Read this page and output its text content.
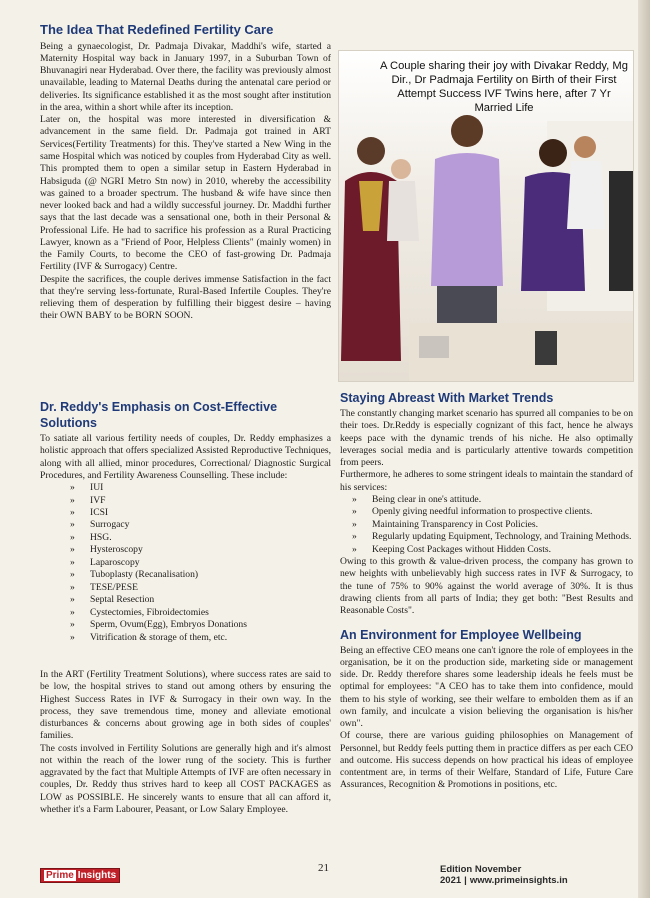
The Idea That Redefined Fertility Care

Being a gynaecologist, Dr. Padmaja Divakar, Maddhi's wife, started a Maternity Hospital way back in January 1997, in a Suburban Town of Bhuvanagiri near Hyderabad. Over there, the facility was previously almost unavailable, leading to Maternal Deaths during the antenatal care period or deliveries. Its significance established it as the most sought after institution in the area, within a short while after its inception.

Later on, the hospital was more interested in diversification & advancement in the same field. Dr. Padmaja got trained in ART Services(Fertility Treatments) for this. They've started a New Wing in the same Hospital which was noticed by couples from Hyderabad City as well. This prompted them to open a similar setup in Eastern Hyderabad in Habsiguda (@ NGRI Metro Stn now) in 2010, whereby the accessibility was gained to a broader spectrum. The husband & wife have since then never looked back and had a wildly successful journey. Dr. Maddhi further says that the last decade was a sensational one, both in their Personal & Professional Life. He had to sacrifice his profession as a Rural Practicing Lawyer, known as a "Friend of Poor, Helpless Clients" (mainly women) in the Family Courts, to become the CEO of fast-growing Dr. Padmaja Fertility (IVF & Surrogacy) Centre.

Despite the sacrifices, the couple derives immense Satisfaction in the fact that they're serving less-fortunate, Rural-Based Infertile Couples. They're relieving them of desperation by fulfilling their biggest desire – having their OWN BABY to be BORN SOON.

Dr. Reddy's Emphasis on Cost-Effective Solutions

To satiate all various fertility needs of couples, Dr. Reddy emphasizes a holistic approach that offers specialized Assisted Reproductive Techniques, along with all allied, minor procedures, Correctional/ Diagnostic Surgical Procedures, and Fertility Awareness Counselling. These include:

» IUI
» IVF
» ICSI
» Surrogacy
» HSG.
» Hysteroscopy
» Laparoscopy
» Tuboplasty (Recanalisation)
» TESE/PESE
» Septal Resection
» Cystectomies, Fibroidectomies
» Sperm, Ovum(Egg), Embryos Donations
» Vitrification & storage of them, etc.

In the ART (Fertility Treatment Solutions), where success rates are said to be low, the hospital strives to stand out among others by ensuring the Highest Success Rates in IVF & Surrogacy in their own way. In the process, they save tremendous time, money and alleviate emotional disturbances & concerns about growing age in both sides of couples' families.

The costs involved in Fertility Solutions are generally high and it's almost not within the reach of the lower rung of the society. This is further aggravated by the fact that Multiple Attempts of IVF are often necessary in couples, Dr. Reddy thus strives hard to keep all COST PACKAGES as LOW as POSSIBLE. He sincerely wants to ensure that all can afford it, whether it's a Farm Labourer, Peasant, or Low Salary Employee.

A Couple sharing their joy with Divakar Reddy, Mg Dir., Dr Padmaja Fertility on Birth of their First Attempt Success IVF Twins here, after 7 Yr Married Life
Staying Abreast With Market Trends

The constantly changing market scenario has spurred all companies to be on their toes. Dr.Reddy is especially cognizant of this fact, hence he always keeps pace with the dynamic trends of his niche. He also optimally leverages social media and is particularly attentive towards competition from peers.

Furthermore, he adheres to some stringent ideals to maintain the standard of his services:

» Being clear in one's attitude.
» Openly giving needful information to prospective clients.
» Maintaining Transparency in Cost Policies.
» Regularly updating Equipment, Technology, and Training Methods.
» Keeping Cost Packages without Hidden Costs.

Owing to this growth & value-driven process, the company has grown to new heights with unbelievably high success rates in IVF & Surrogacy, to the tune of 75% to 90% against the world average of 30%. It is thus drawing clients from all parts of India; they get both: "Best Results and Reasonable Costs".

An Environment for Employee Wellbeing

Being an effective CEO means one can't ignore the role of employees in the organisation, be it on the production side, marketing side or management side. Dr. Reddy therefore shares some leadership ideals he feels must be optimal for employees: "A CEO has to take them into confidence, mould them to his style of working, see their welfare to embolden them as if an own family, and inculcate a vision believing the organisation is his/her own".

Of course, there are various guiding philosophies on Management of Personnel, but Reddy feels putting them in practice differs as per each CEO and outcome. His success depends on how practical his ideas of employee contentment are, in terms of their Welfare, Standard of Life, Future Care Assurances, Recognition & Promotions in positions, etc.

Prime Insights
21	Edition November 2021 | www.primeinsights.in
